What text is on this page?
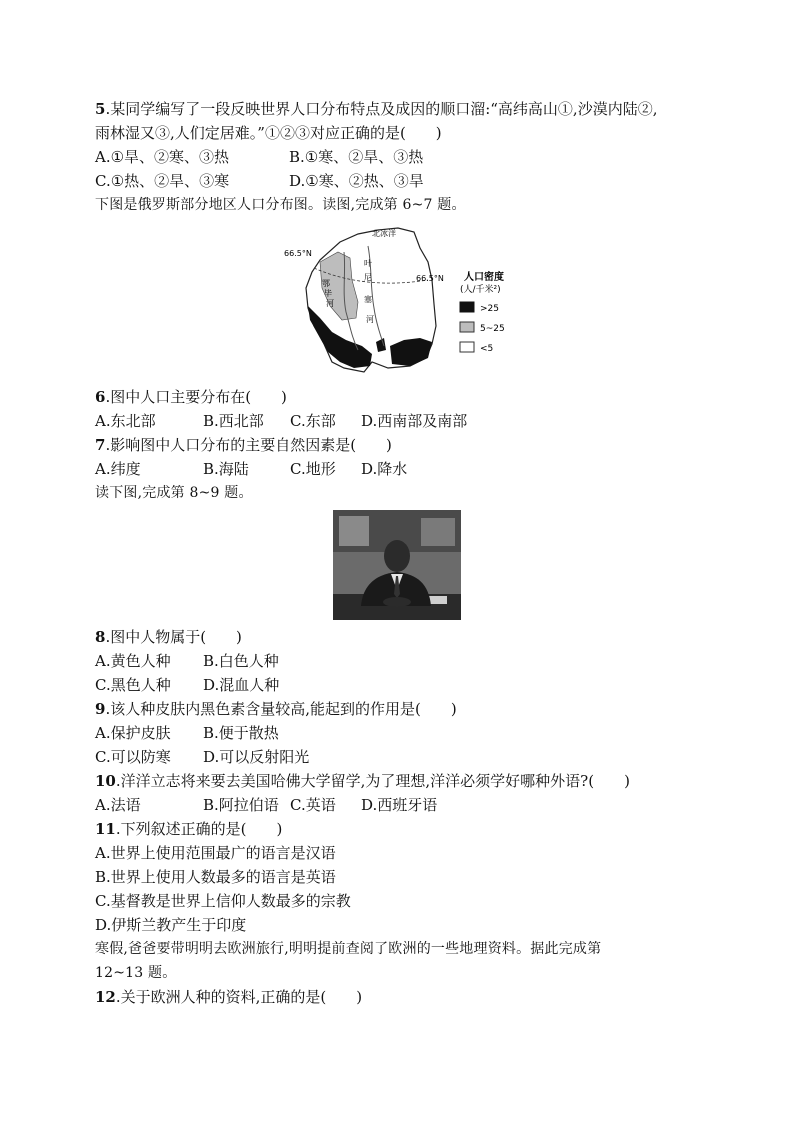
5.某同学编写了一段反映世界人口分布特点及成因的顺口溜:“高纬高山①,沙漠内陆②,
雨林湿又③,人们定居难。”①②③对应正确的是(　　)
A.①旱、②寒、③热	B.①寒、②旱、③热
C.①热、②旱、③寒	D.①寒、②热、③旱
下图是俄罗斯部分地区人口分布图。读图,完成第 6~7 题。
北冰洋
66.5°N
66.5°N
鄂
毕
河
叶
尼
塞
河
人口密度
(人/千米²)
>25
5~25
<5
6.图中人口主要分布在(　　)
A.东北部	B.西北部 C.东部 D.西南部及南部
7.影响图中人口分布的主要自然因素是(　　)
A.纬度	B.海陆	C.地形 D.降水
读下图,完成第 8~9 题。
8.图中人物属于(　　)
A.黄色人种 B.白色人种
C.黑色人种 D.混血人种
9.该人种皮肤内黑色素含量较高,能起到的作用是(　　)
A.保护皮肤 B.便于散热
C.可以防寒 D.可以反射阳光
10.洋洋立志将来要去美国哈佛大学留学,为了理想,洋洋必须学好哪种外语?(　　)
A.法语	B.阿拉伯语 C.英语 D.西班牙语
11.下列叙述正确的是(　　)
A.世界上使用范围最广的语言是汉语
B.世界上使用人数最多的语言是英语
C.基督教是世界上信仰人数最多的宗教
D.伊斯兰教产生于印度
寒假,爸爸要带明明去欧洲旅行,明明提前查阅了欧洲的一些地理资料。据此完成第
12~13 题。
12.关于欧洲人种的资料,正确的是(　　)
